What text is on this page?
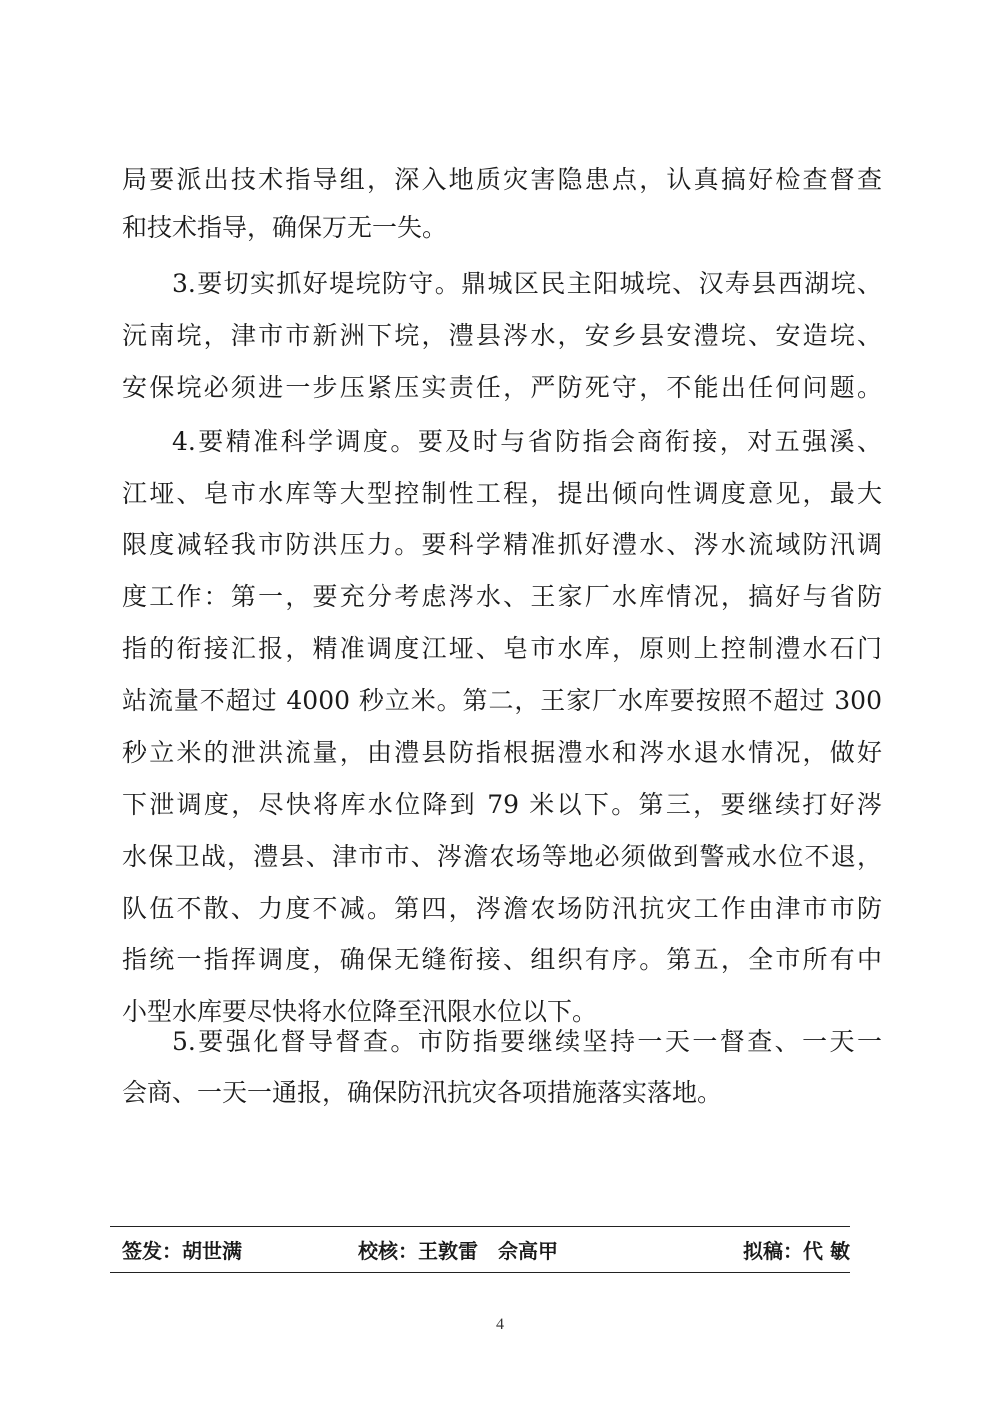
局要派出技术指导组，深入地质灾害隐患点，认真搞好检查督查
和技术指导，确保万无一失。
3.要切实抓好堤垸防守。鼎城区民主阳城垸、汉寿县西湖垸、
沅南垸，津市市新洲下垸，澧县涔水，安乡县安澧垸、安造垸、
安保垸必须进一步压紧压实责任，严防死守，不能出任何问题。
4.要精准科学调度。要及时与省防指会商衔接，对五强溪、
江垭、皂市水库等大型控制性工程，提出倾向性调度意见，最大
限度减轻我市防洪压力。要科学精准抓好澧水、涔水流域防汛调
度工作：第一，要充分考虑涔水、王家厂水库情况，搞好与省防
指的衔接汇报，精准调度江垭、皂市水库，原则上控制澧水石门
站流量不超过 4000 秒立米。第二，王家厂水库要按照不超过 300
秒立米的泄洪流量，由澧县防指根据澧水和涔水退水情况，做好
下泄调度，尽快将库水位降到 79 米以下。第三，要继续打好涔
水保卫战，澧县、津市市、涔澹农场等地必须做到警戒水位不退，
队伍不散、力度不减。第四，涔澹农场防汛抗灾工作由津市市防
指统一指挥调度，确保无缝衔接、组织有序。第五，全市所有中
小型水库要尽快将水位降至汛限水位以下。
5.要强化督导督查。市防指要继续坚持一天一督查、一天一
会商、一天一通报，确保防汛抗灾各项措施落实落地。
签发：胡世满	校核：王敦雷　佘高甲	拟稿：代 敏
4
